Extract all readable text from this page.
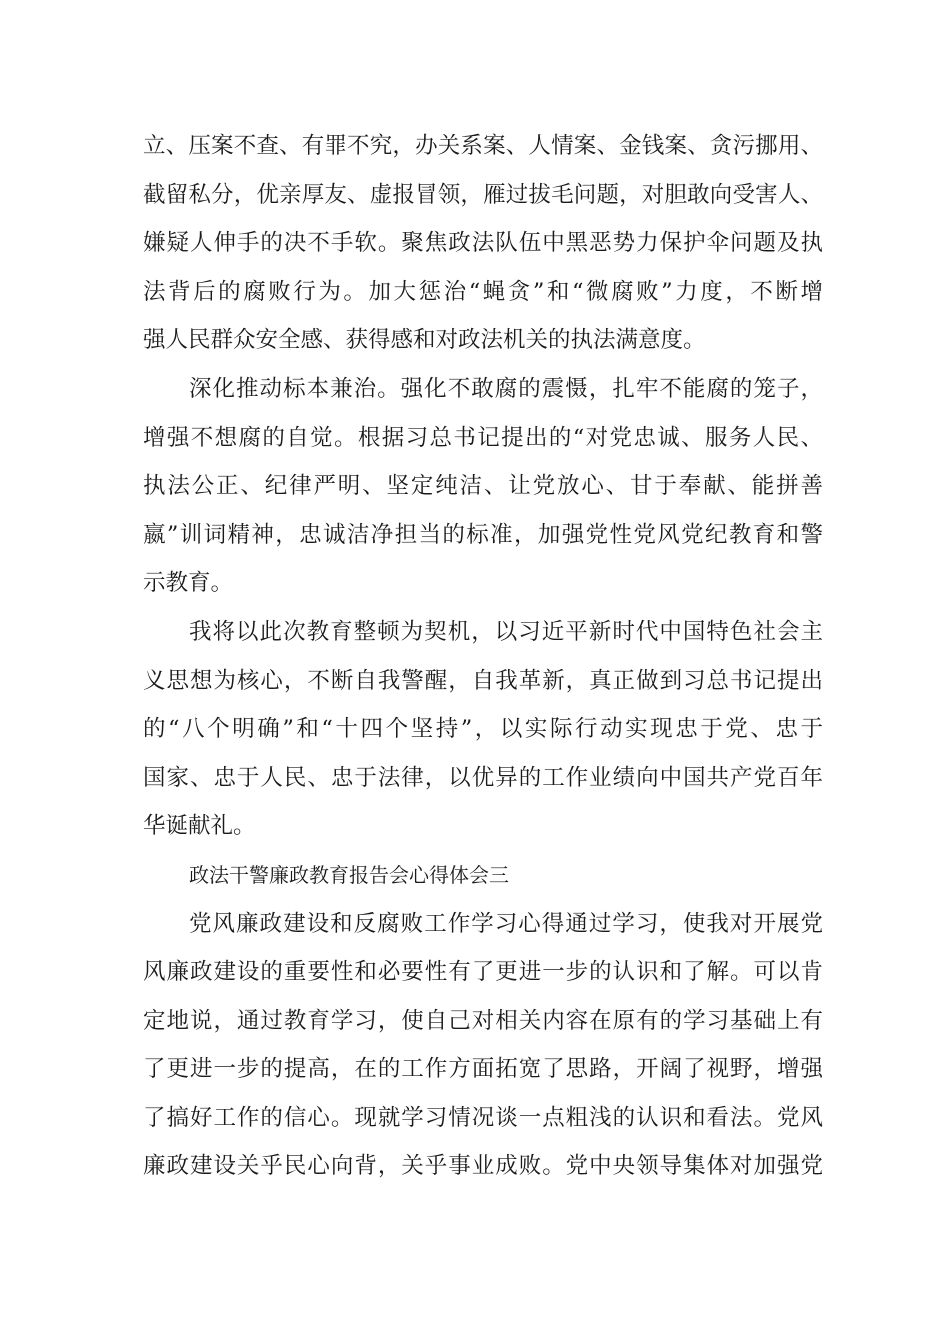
立、压案不查、有罪不究，办关系案、人情案、金钱案、贪污挪用、
截留私分，优亲厚友、虚报冒领，雁过拔毛问题，对胆敢向受害人、
嫌疑人伸手的决不手软。聚焦政法队伍中黑恶势力保护伞问题及执
法背后的腐败行为。加大惩治“蝇贪”和“微腐败”力度，不断增
强人民群众安全感、获得感和对政法机关的执法满意度。
深化推动标本兼治。强化不敢腐的震慑，扎牢不能腐的笼子，
增强不想腐的自觉。根据习总书记提出的“对党忠诚、服务人民、
执法公正、纪律严明、坚定纯洁、让党放心、甘于奉献、能拼善
嬴”训词精神，忠诚洁净担当的标准，加强党性党风党纪教育和警
示教育。
我将以此次教育整顿为契机，以习近平新时代中国特色社会主
义思想为核心，不断自我警醒，自我革新，真正做到习总书记提出
的“八个明确”和“十四个坚持”，以实际行动实现忠于党、忠于
国家、忠于人民、忠于法律，以优异的工作业绩向中国共产党百年
华诞献礼。
政法干警廉政教育报告会心得体会三
党风廉政建设和反腐败工作学习心得通过学习，使我对开展党
风廉政建设的重要性和必要性有了更进一步的认识和了解。可以肯
定地说，通过教育学习，使自己对相关内容在原有的学习基础上有
了更进一步的提高，在的工作方面拓宽了思路，开阔了视野，增强
了搞好工作的信心。现就学习情况谈一点粗浅的认识和看法。党风
廉政建设关乎民心向背，关乎事业成败。党中央领导集体对加强党
